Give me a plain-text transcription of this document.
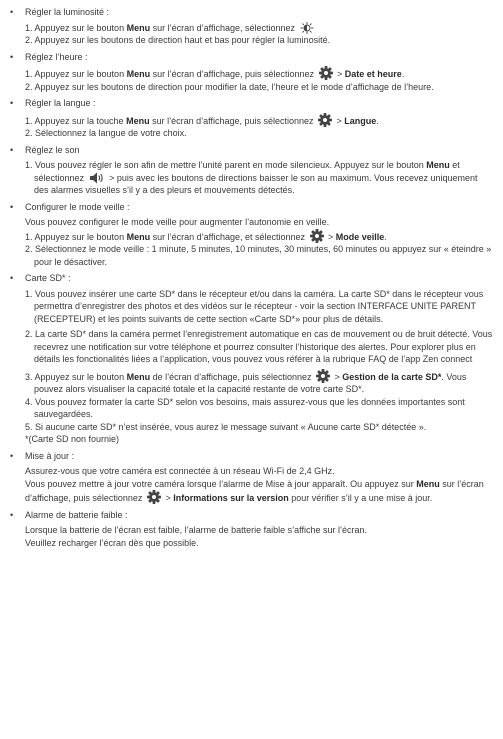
• Régler la luminosité :
1. Appuyez sur le bouton Menu sur l’écran d’affichage, sélectionnez
2. Appuyez sur les boutons de direction haut et bas pour régler la luminosité.
• Réglez l’heure :
1. Appuyez sur le bouton Menu sur l’écran d’affichage, puis sélectionnez
> Date et heure.
2. Appuyez sur les boutons de direction pour modifier la date, l’heure et le mode d’affichage de l’heure.
• Régler la langue :
1. Appuyez sur la touche Menu sur l’écran d’affichage, puis sélectionnez
> Langue.
2. Sélectionnez la langue de votre choix.
• Réglez le son
1. Vous pouvez régler le son afin de mettre l’unité parent en mode silencieux. Appuyez sur le bouton Menu et sélectionnez	> puis avec les boutons de directions baisser le son au maximum. Vous recevez uniquement des alarmes visuelles s’il y a des pleurs et mouvements détectés.
• Configurer le mode veille :
Vous pouvez configurer le mode veille pour augmenter l’autonomie en veille.
1. Appuyez sur le bouton Menu sur l’écran d’affichage, et sélectionnez
> Mode veille.
2. Sélectionnez le mode veille : 1 minute, 5 minutes, 10 minutes, 30 minutes, 60 minutes ou appuyez sur « éteindre » pour le désactiver.
• Carte SD* :
1. Vous pouvez insérer une carte SD* dans le récepteur et/ou dans la caméra. La carte SD* dans le récepteur vous permettra d’enregistrer des photos et des vidéos sur le récepteur - voir la section INTERFACE UNITE PARENT (RECEPTEUR) et les points suivants de cette section «Carte SD*» pour plus de détails.
2. La carte SD* dans la caméra permet l’enregistrement automatique en cas de mouvement ou de bruit détecté. Vous recevrez une notification sur votre téléphone et pourrez consulter l’historique des alertes. Pour explorer plus en détails les fonctionalités liées a l’application, vous pouvez vous référer à la rubrique FAQ de l’app Zen connect
3. Appuyez sur le bouton Menu de l’écran d’affichage, puis sélectionnez
> Gestion de la carte SD*. Vous pouvez alors visualiser la capacité totale et la capacité restante de votre carte SD*.
4. Vous pouvez formater la carte SD* selon vos besoins, mais assurez-vous que les données importantes sont sauvegardées.
5. Si aucune carte SD* n’est insérée, vous aurez le message suivant « Aucune carte SD* détectée ».
*(Carte SD non fournie)
• Mise à jour :
Assurez-vous que votre caméra est connectée à un réseau Wi-Fi de 2,4 GHz.
Vous pouvez mettre à jour votre caméra lorsque l’alarme de Mise à jour apparaît. Ou appuyez sur Menu sur l’écran d’affichage, puis sélectionnez
> Informations sur la version pour vérifier s’il y a une mise à jour.
• Alarme de batterie faible :
Lorsque la batterie de l’écran est faible, l’alarme de batterie faible s’affiche sur l’écran.
Veuillez recharger l’écran dès que possible.
